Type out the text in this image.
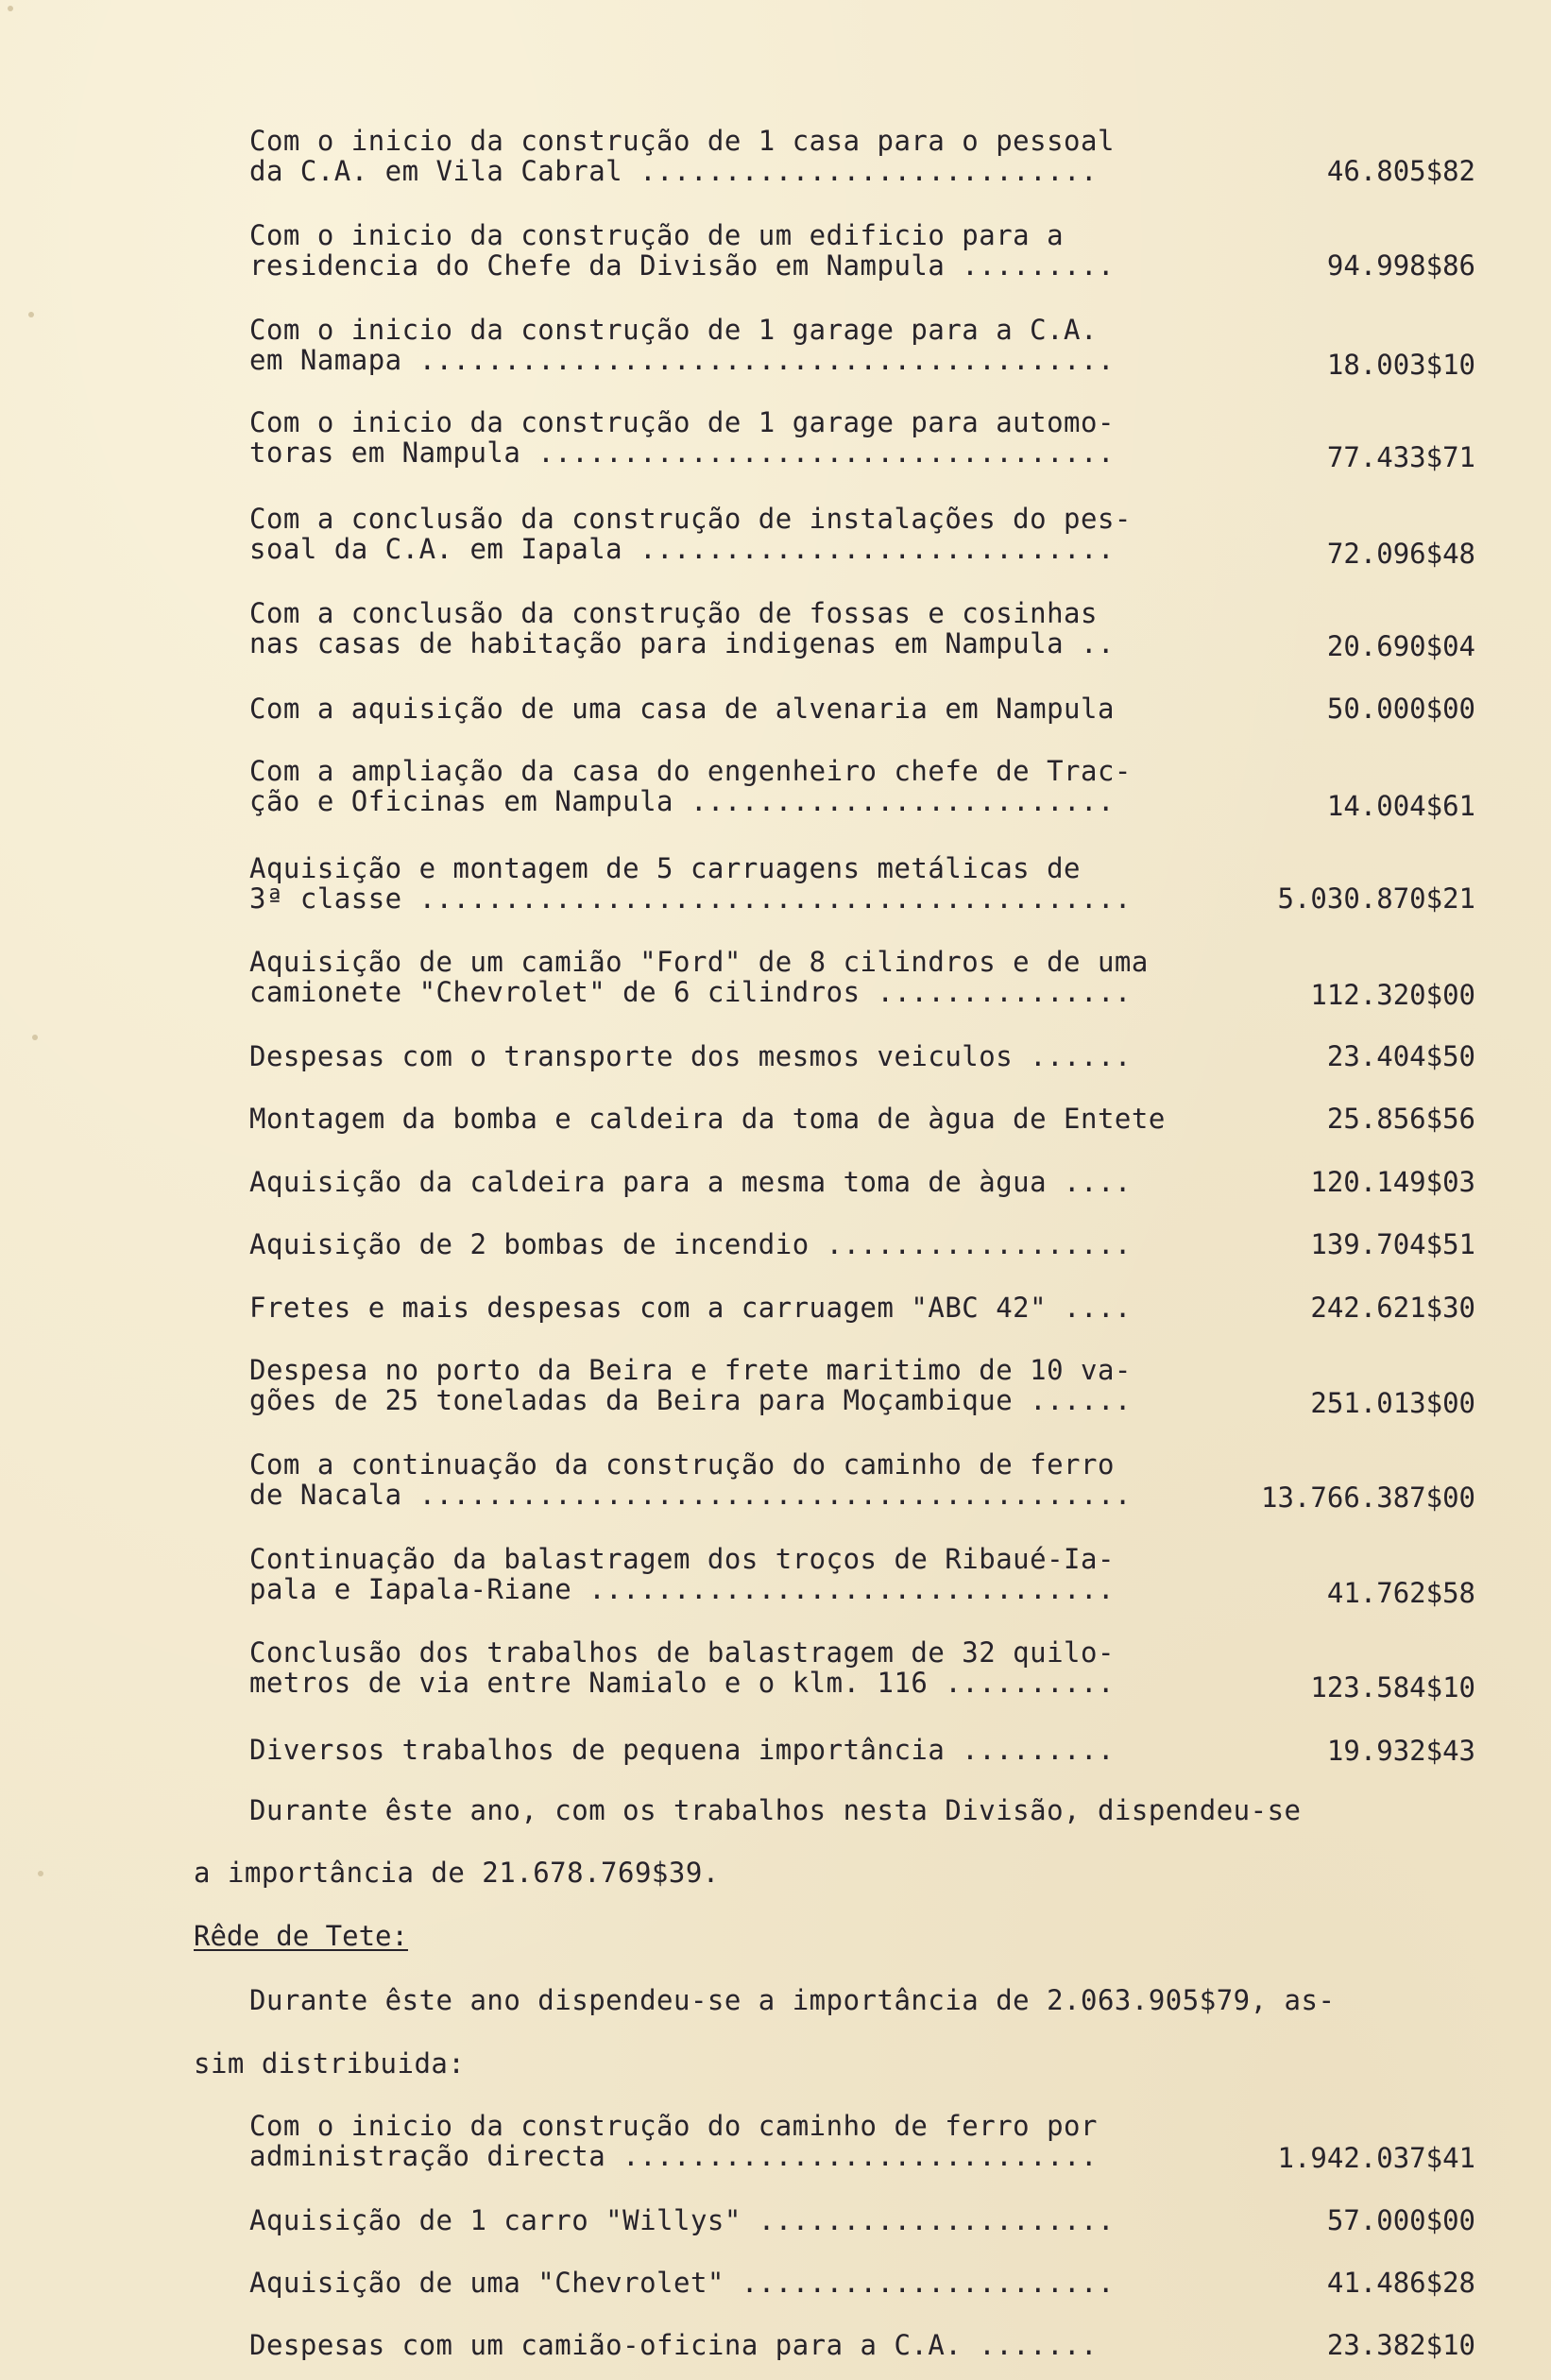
Com o inicio da construção de 1 casa para o pessoal
da C.A. em Vila Cabral ...........................	46.805$82
Com o inicio da construção de um edificio para a
residencia do Chefe da Divisão em Nampula .........	94.998$86
Com o inicio da construção de 1 garage para a C.A.
em Namapa .........................................	18.003$10
Com o inicio da construção de 1 garage para automo-
toras em Nampula ..................................	77.433$71
Com a conclusão da construção de instalações do pes-
soal da C.A. em Iapala ............................	72.096$48
Com a conclusão da construção de fossas e cosinhas
nas casas de habitação para indigenas em Nampula ..	20.690$04
Com a aquisição de uma casa de alvenaria em Nampula	50.000$00
Com a ampliação da casa do engenheiro chefe de Trac-
ção e Oficinas em Nampula .........................	14.004$61
Aquisição e montagem de 5 carruagens metálicas de
3ª classe ..........................................	5.030.870$21
Aquisição de um camião "Ford" de 8 cilindros e de uma
camionete "Chevrolet" de 6 cilindros ...............	112.320$00
Despesas com o transporte dos mesmos veiculos ......	23.404$50
Montagem da bomba e caldeira da toma de àgua de Entete	25.856$56
Aquisição da caldeira para a mesma toma de àgua ....	120.149$03
Aquisição de 2 bombas de incendio ..................	139.704$51
Fretes e mais despesas com a carruagem "ABC 42" ....	242.621$30
Despesa no porto da Beira e frete maritimo de 10 va-
gões de 25 toneladas da Beira para Moçambique ......	251.013$00
Com a continuação da construção do caminho de ferro
de Nacala ..........................................	13.766.387$00
Continuação da balastragem dos troços de Ribaué-Ia-
pala e Iapala-Riane ...............................	41.762$58
Conclusão dos trabalhos de balastragem de 32 quilo-
metros de via entre Namialo e o klm. 116 ..........	123.584$10
Diversos trabalhos de pequena importância .........	19.932$43
Durante êste ano, com os trabalhos nesta Divisão, dispendeu-se
a importância de 21.678.769$39.
Rêde de Tete:
Durante êste ano dispendeu-se a importância de 2.063.905$79, as-
sim distribuida:
Com o inicio da construção do caminho de ferro por
administração directa ............................	1.942.037$41
Aquisição de 1 carro "Willys" .....................	57.000$00
Aquisição de uma "Chevrolet" ......................	41.486$28
Despesas com um camião-oficina para a C.A. .......	23.382$10
